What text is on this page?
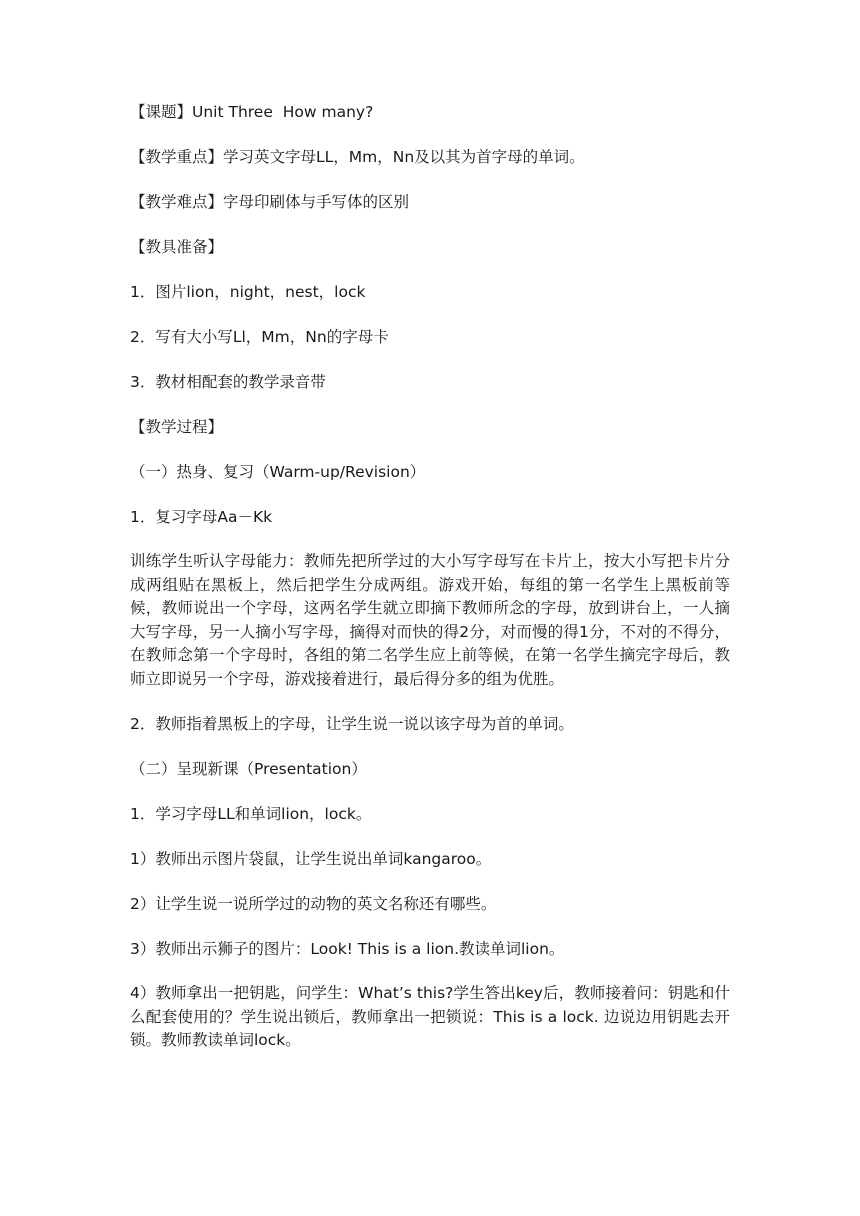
【课题】Unit Three  How many?
【教学重点】学习英文字母LL，Mm，Nn及以其为首字母的单词。
【教学难点】字母印刷体与手写体的区别
【教具准备】
1．图片lion，night，nest，lock
2．写有大小写Ll，Mm，Nn的字母卡
3．教材相配套的教学录音带
【教学过程】
（一）热身、复习（Warm-up/Revision）
1．复习字母Aa－Kk
训练学生听认字母能力：教师先把所学过的大小写字母写在卡片上，按大小写把卡片分成两组贴在黑板上，然后把学生分成两组。游戏开始，每组的第一名学生上黑板前等候，教师说出一个字母，这两名学生就立即摘下教师所念的字母，放到讲台上，一人摘大写字母，另一人摘小写字母，摘得对而快的得2分，对而慢的得1分，不对的不得分，在教师念第一个字母时，各组的第二名学生应上前等候，在第一名学生摘完字母后，教师立即说另一个字母，游戏接着进行，最后得分多的组为优胜。
2．教师指着黑板上的字母，让学生说一说以该字母为首的单词。
（二）呈现新课（Presentation）
1．学习字母LL和单词lion，lock。
1）教师出示图片袋鼠，让学生说出单词kangaroo。
2）让学生说一说所学过的动物的英文名称还有哪些。
3）教师出示狮子的图片：Look! This is a lion.教读单词lion。
4）教师拿出一把钥匙，问学生：What’s this?学生答出key后，教师接着问：钥匙和什么配套使用的？学生说出锁后，教师拿出一把锁说：This is a lock. 边说边用钥匙去开锁。教师教读单词lock。
